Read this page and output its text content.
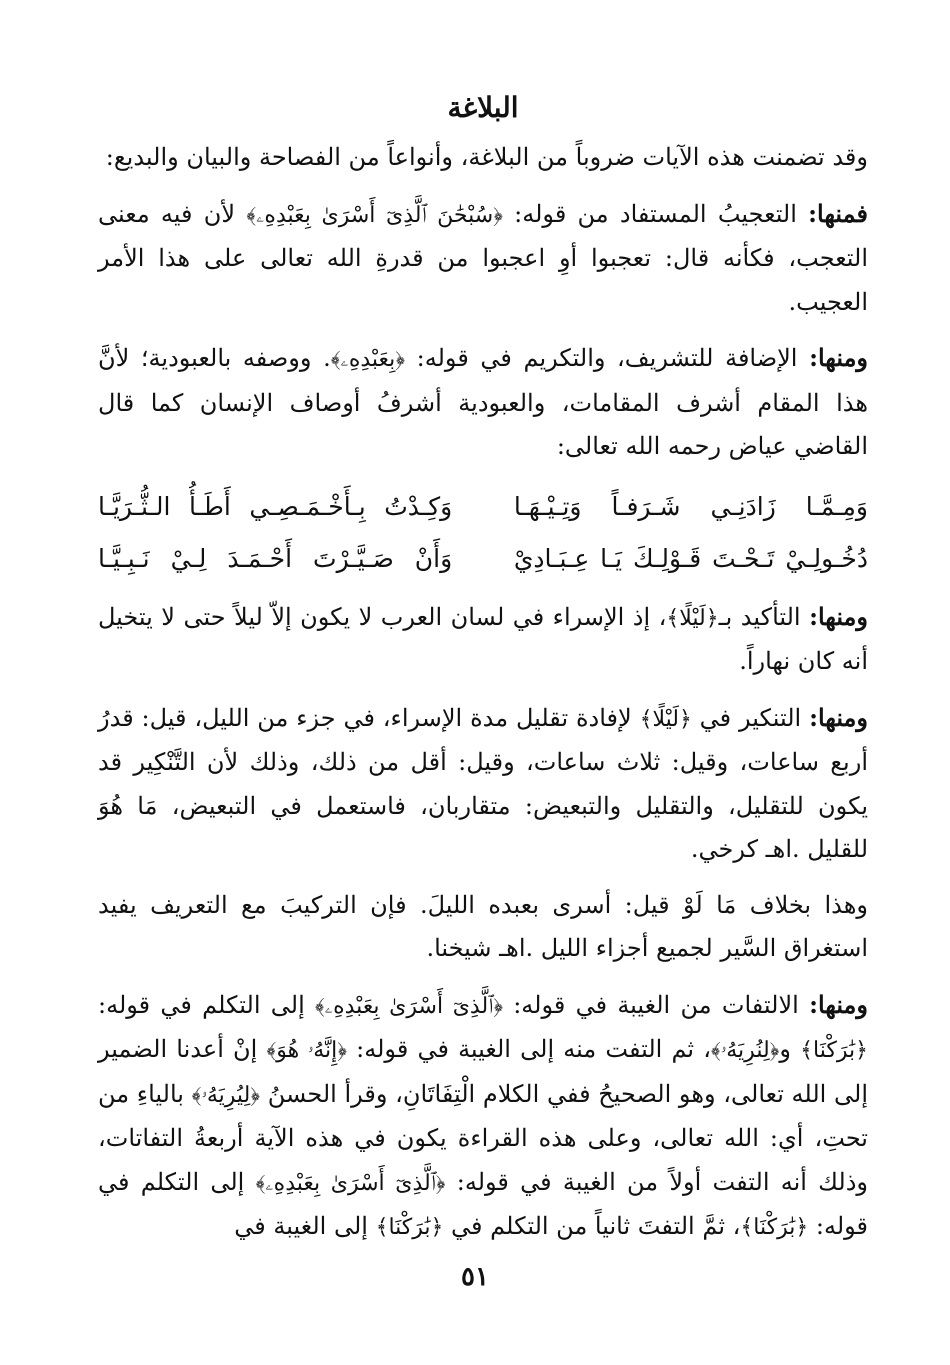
البلاغة

وقد تضمنت هذه الآيات ضروباً من البلاغة، وأنواعاً من الفصاحة والبيان والبديع:

فمنها: التعجيبُ المستفاد من قوله: ﴿سُبْحَٰنَ ٱلَّذِىٓ أَسْرَىٰ بِعَبْدِهِۦ﴾ لأن فيه معنى التعجب، فكأنه قال: تعجبوا أوِ اعجبوا من قدرةِ الله تعالى على هذا الأمر العجيب.

ومنها: الإضافة للتشريف، والتكريم في قوله: ﴿بِعَبْدِهِۦ﴾. ووصفه بالعبودية؛ لأنَّ هذا المقام أشرف المقامات، والعبودية أشرفُ أوصاف الإنسان كما قال القاضي عياض رحمه الله تعالى:

وَمِـمَّـا زَادَنِـي شَـرَفـاً وَتِـيْـهَـا
وَكِـدْتُ بِـأَخْـمَـصِـي أَطَـأُ الـثُّـرَيَّـا
دُخُـولِـيْ تَـحْـتَ قَـوْلِـكَ يَـا عِـبَـادِيْ
وَأَنْ صَـيَّـرْتَ أَحْـمَـدَ لِـيْ نَـبِـيَّـا

ومنها: التأكيد بـ﴿لَيْلًا﴾، إذ الإسراء في لسان العرب لا يكون إلاّ ليلاً حتى لا يتخيل أنه كان نهاراً.

ومنها: التنكير في ﴿لَيْلًا﴾ لإفادة تقليل مدة الإسراء، في جزء من الليل، قيل: قدرُ أربع ساعات، وقيل: ثلاث ساعات، وقيل: أقل من ذلك، وذلك لأن التَّنْكِير قد يكون للتقليل، والتقليل والتبعيض: متقاربان، فاستعمل في التبعيض، مَا هُوَ للقليل .اهـ كرخي.

وهذا بخلاف مَا لَوْ قيل: أسرى بعبده الليلَ. فإن التركيبَ مع التعريف يفيد استغراق السَّير لجميع أجزاء الليل .اهـ شيخنا.

ومنها: الالتفات من الغيبة في قوله: ﴿ٱلَّذِىٓ أَسْرَىٰ بِعَبْدِهِۦ﴾ إلى التكلم في قوله: ﴿بَٰرَكْنَا﴾ و﴿لِنُرِيَهُۥ﴾، ثم التفت منه إلى الغيبة في قوله: ﴿إِنَّهُۥ هُوَ﴾ إنْ أعدنا الضمير إلى الله تعالى، وهو الصحيحُ ففي الكلام الْتِفَاتَانِ، وقرأ الحسنُ ﴿لِيُرِيَهُۥ﴾ بالياءِ من تحتِ، أي: الله تعالى، وعلى هذه القراءة يكون في هذه الآية أربعةُ التفاتات، وذلك أنه التفت أولاً من الغيبة في قوله: ﴿ٱلَّذِىٓ أَسْرَىٰ بِعَبْدِهِۦ﴾ إلى التكلم في قوله: ﴿بَٰرَكْنَا﴾، ثمَّ التفتَ ثانياً من التكلم في ﴿بَٰرَكْنَا﴾ إلى الغيبة في

٥١
